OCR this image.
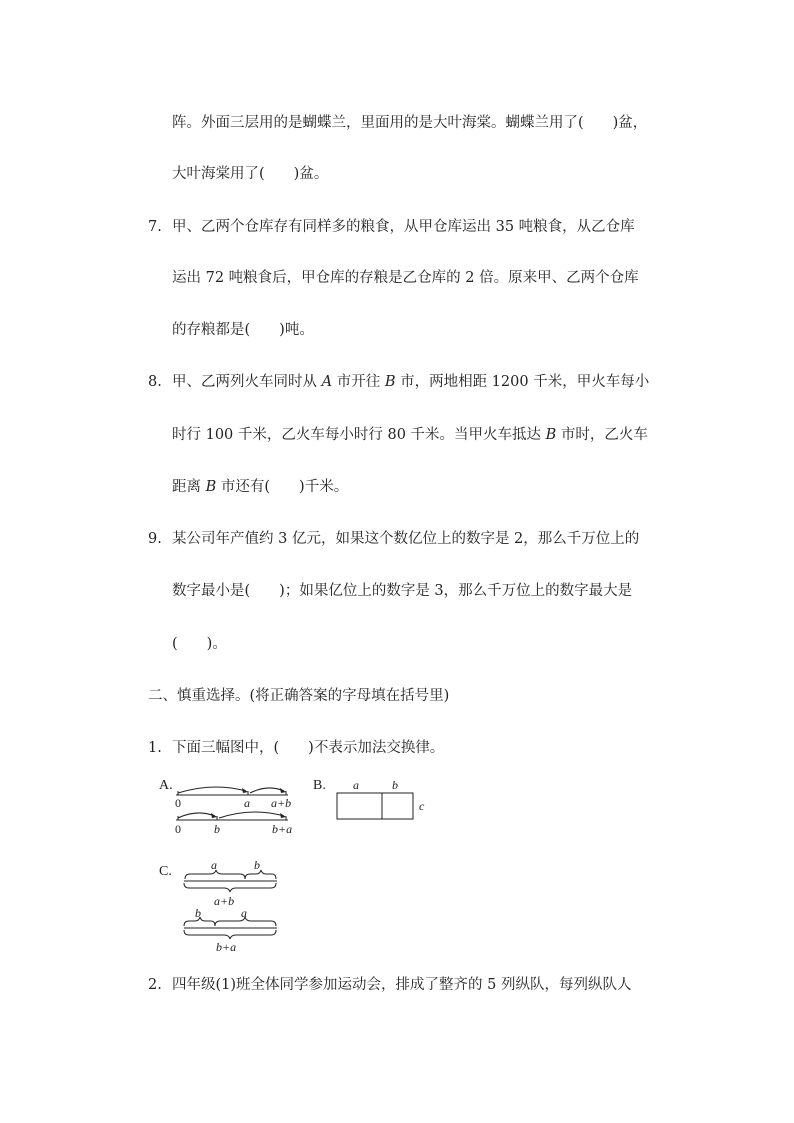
阵。外面三层用的是蝴蝶兰，里面用的是大叶海棠。蝴蝶兰用了(　　)盆，
大叶海棠用了(　　)盆。
7. 甲、乙两个仓库存有同样多的粮食，从甲仓库运出 35 吨粮食，从乙仓库
运出 72 吨粮食后，甲仓库的存粮是乙仓库的 2 倍。原来甲、乙两个仓库
的存粮都是(　　)吨。
8. 甲、乙两列火车同时从 A 市开往 B 市，两地相距 1200 千米，甲火车每小
时行 100 千米，乙火车每小时行 80 千米。当甲火车抵达 B 市时，乙火车
距离 B 市还有(　　)千米。
9. 某公司年产值约 3 亿元，如果这个数亿位上的数字是 2，那么千万位上的
数字最小是(　　)；如果亿位上的数字是 3，那么千万位上的数字最大是
(　　)。
二、慎重选择。(将正确答案的字母填在括号里)
1. 下面三幅图中，(　　)不表示加法交换律。
A.
0	a a+b
0	b	b+a
B. a	b
c
C.	a	b
a+b
b	a
b+a
2. 四年级(1)班全体同学参加运动会，排成了整齐的 5 列纵队，每列纵队人
